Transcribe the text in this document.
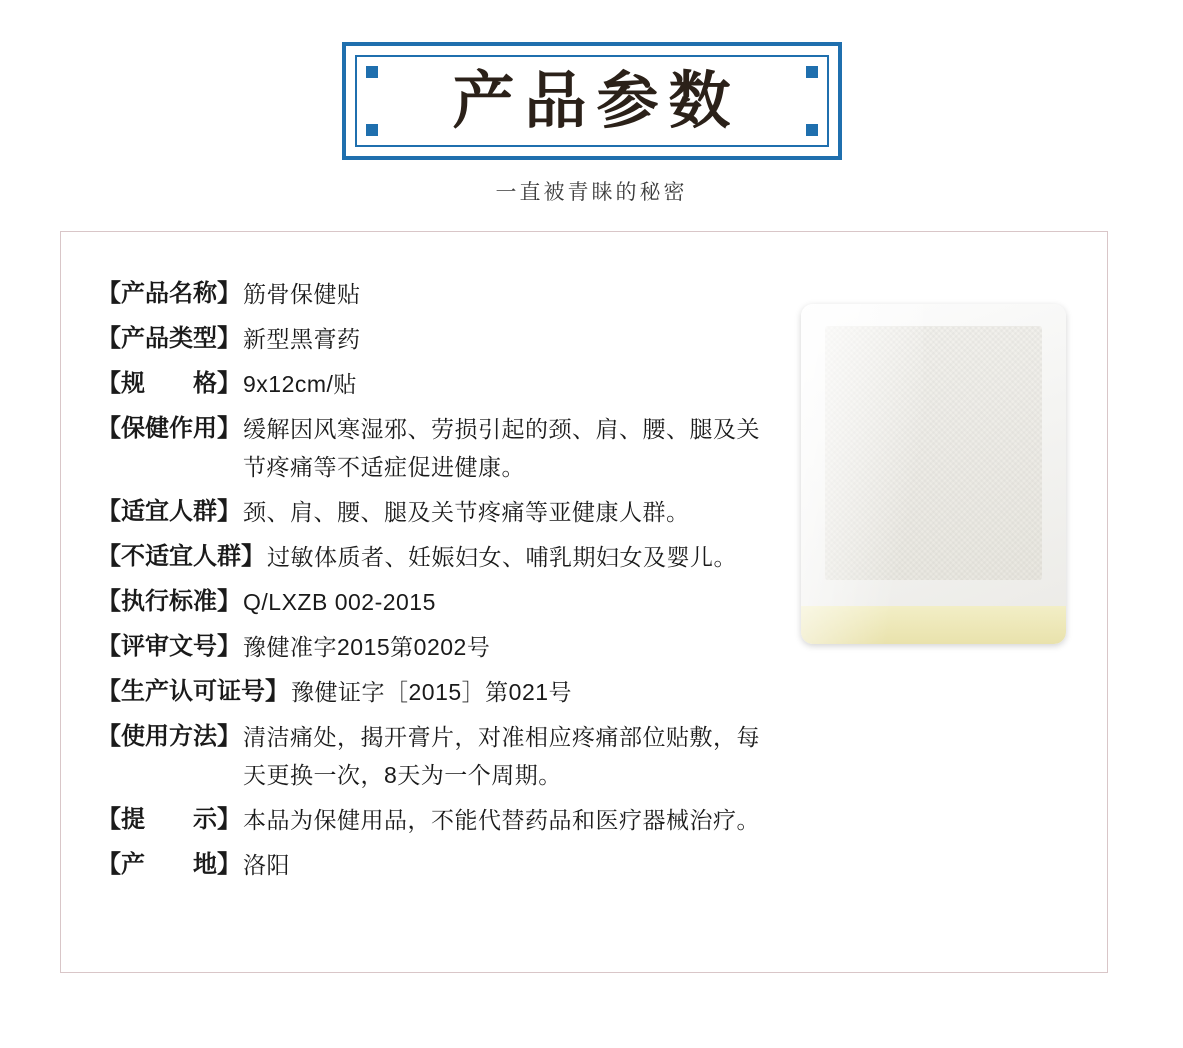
产品参数
一直被青睐的秘密
【产品名称】 筋骨保健贴
【产品类型】 新型黑膏药
【规　　格】 9x12cm/贴
【保健作用】 缓解因风寒湿邪、劳损引起的颈、肩、腰、腿及关节疼痛等不适症促进健康。
【适宜人群】 颈、肩、腰、腿及关节疼痛等亚健康人群。
【不适宜人群】 过敏体质者、妊娠妇女、哺乳期妇女及婴儿。
【执行标准】 Q/LXZB 002-2015
【评审文号】 豫健准字2015第0202号
【生产认可证号】 豫健证字［2015］第021号
【使用方法】 清洁痛处，揭开膏片，对准相应疼痛部位贴敷，每天更换一次，8天为一个周期。
【提　　示】 本品为保健用品，不能代替药品和医疗器械治疗。
【产　　地】 洛阳
